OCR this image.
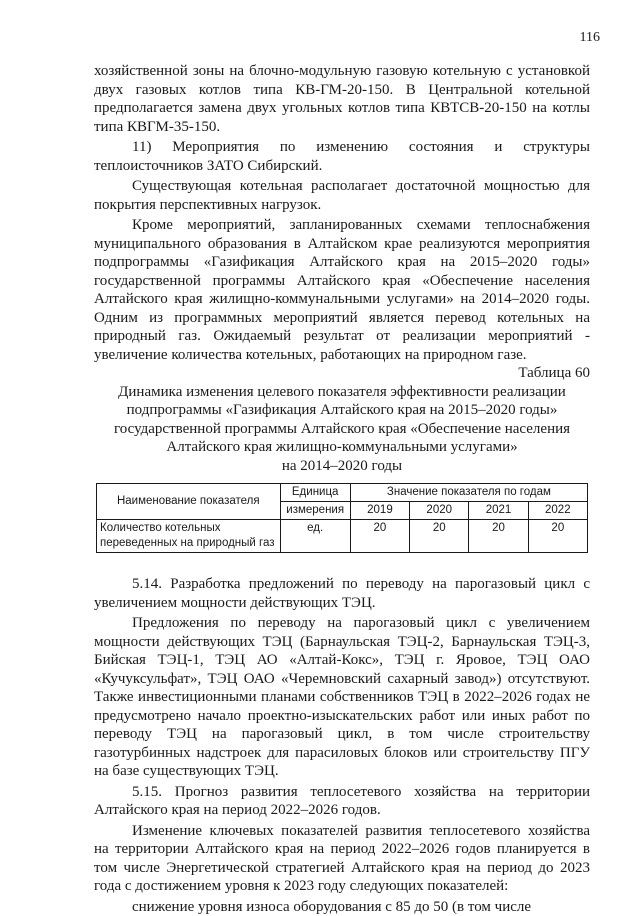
116

хозяйственной зоны на блочно-модульную газовую котельную с установкой двух газовых котлов типа КВ-ГМ-20-150. В Центральной котельной предполагается замена двух угольных котлов типа КВТСВ-20-150 на котлы типа КВГМ-35-150.

11) Мероприятия по изменению состояния и структуры теплоисточников ЗАТО Сибирский.

Существующая котельная располагает достаточной мощностью для покрытия перспективных нагрузок.

Кроме мероприятий, запланированных схемами теплоснабжения муниципального образования в Алтайском крае реализуются мероприятия подпрограммы «Газификация Алтайского края на 2015–2020 годы» государственной программы Алтайского края «Обеспечение населения Алтайского края жилищно-коммунальными услугами» на 2014–2020 годы. Одним из программных мероприятий является перевод котельных на природный газ. Ожидаемый результат от реализации мероприятий - увеличение количества котельных, работающих на природном газе.

Таблица 60

Динамика изменения целевого показателя эффективности реализации

подпрограммы «Газификация Алтайского края на 2015–2020 годы»

государственной программы Алтайского края «Обеспечение населения

Алтайского края жилищно-коммунальными услугами»

на 2014–2020 годы

Наименование показателя	Единица	Значение показателя по годам			
	измерения	2019	2020	2021	2022

Количество котельных
переведенных на природный газ	ед.	20	20	20	20

5.14. Разработка предложений по переводу на парогазовый цикл с увеличением мощности действующих ТЭЦ.

Предложения по переводу на парогазовый цикл с увеличением мощности действующих ТЭЦ (Барнаульская ТЭЦ-2, Барнаульская ТЭЦ-3, Бийская ТЭЦ-1, ТЭЦ АО «Алтай-Кокс», ТЭЦ г. Яровое, ТЭЦ ОАО «Кучуксульфат», ТЭЦ ОАО «Черемновский сахарный завод») отсутствуют. Также инвестиционными планами собственников ТЭЦ в 2022–2026 годах не предусмотрено начало проектно-изыскательских работ или иных работ по переводу ТЭЦ на парогазовый цикл, в том числе строительству газотурбинных надстроек для парасиловых блоков или строительству ПГУ на базе существующих ТЭЦ.

5.15. Прогноз развития теплосетевого хозяйства на территории Алтайского края на период 2022–2026 годов.

Изменение ключевых показателей развития теплосетевого хозяйства на территории Алтайского края на период 2022–2026 годов планируется в том числе Энергетической стратегией Алтайского края на период до 2023 года с достижением уровня к 2023 году следующих показателей:

снижение уровня износа оборудования с 85 до 50 (в том числе
